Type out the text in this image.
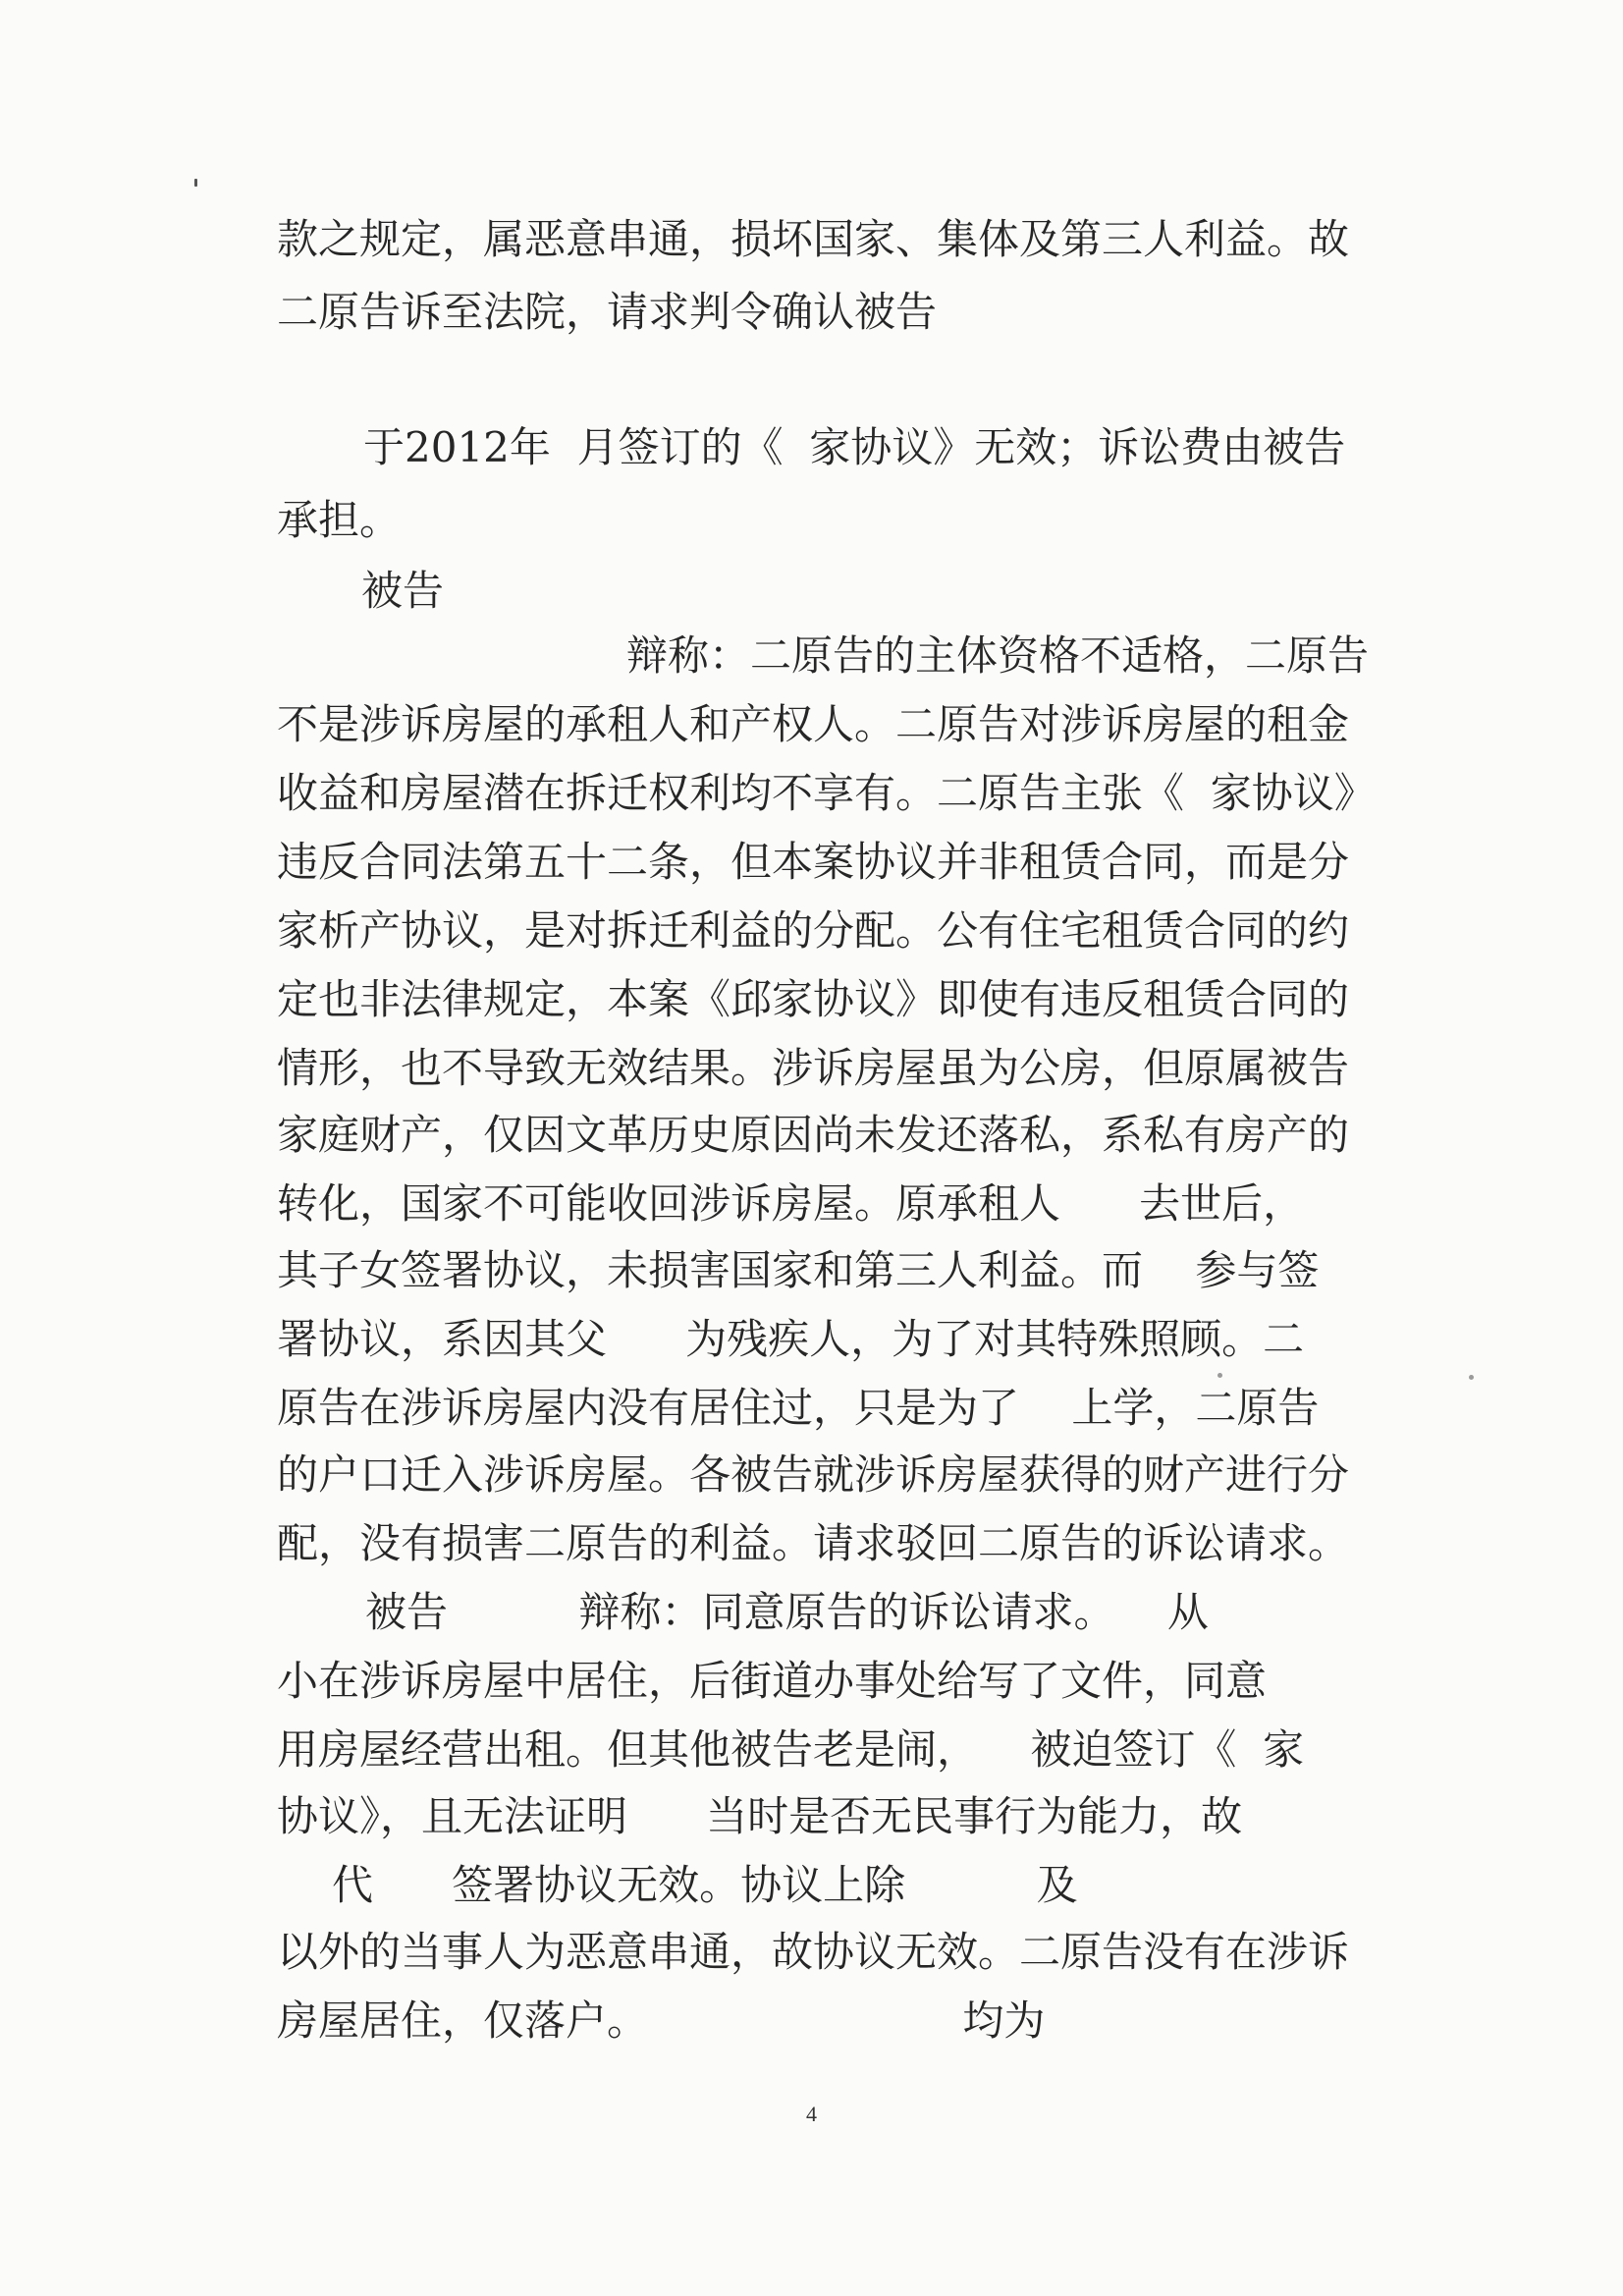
款之规定，属恶意串通，损坏国家、集体及第三人利益。故
二原告诉至法院，请求判令确认被告
于2012年  月签订的《  家协议》无效；诉讼费由被告
承担。
被告
辩称：二原告的主体资格不适格，二原告
不是涉诉房屋的承租人和产权人。二原告对涉诉房屋的租金
收益和房屋潜在拆迁权利均不享有。二原告主张《  家协议》
违反合同法第五十二条，但本案协议并非租赁合同，而是分
家析产协议，是对拆迁利益的分配。公有住宅租赁合同的约
定也非法律规定，本案《邱家协议》即使有违反租赁合同的
情形，也不导致无效结果。涉诉房屋虽为公房，但原属被告
家庭财产，仅因文革历史原因尚未发还落私，系私有房产的
转化，国家不可能收回涉诉房屋。原承租人      去世后，
其子女签署协议，未损害国家和第三人利益。而    参与签
署协议，系因其父      为残疾人，为了对其特殊照顾。二
原告在涉诉房屋内没有居住过，只是为了    上学，二原告
的户口迁入涉诉房屋。各被告就涉诉房屋获得的财产进行分
配，没有损害二原告的利益。请求驳回二原告的诉讼请求。
被告          辩称：同意原告的诉讼请求。    从
小在涉诉房屋中居住，后街道办事处给写了文件，同意
用房屋经营出租。但其他被告老是闹，    被迫签订《  家
协议》，且无法证明      当时是否无民事行为能力，故
代      签署协议无效。协议上除          及
以外的当事人为恶意串通，故协议无效。二原告没有在涉诉
房屋居住，仅落户。                        均为
4
